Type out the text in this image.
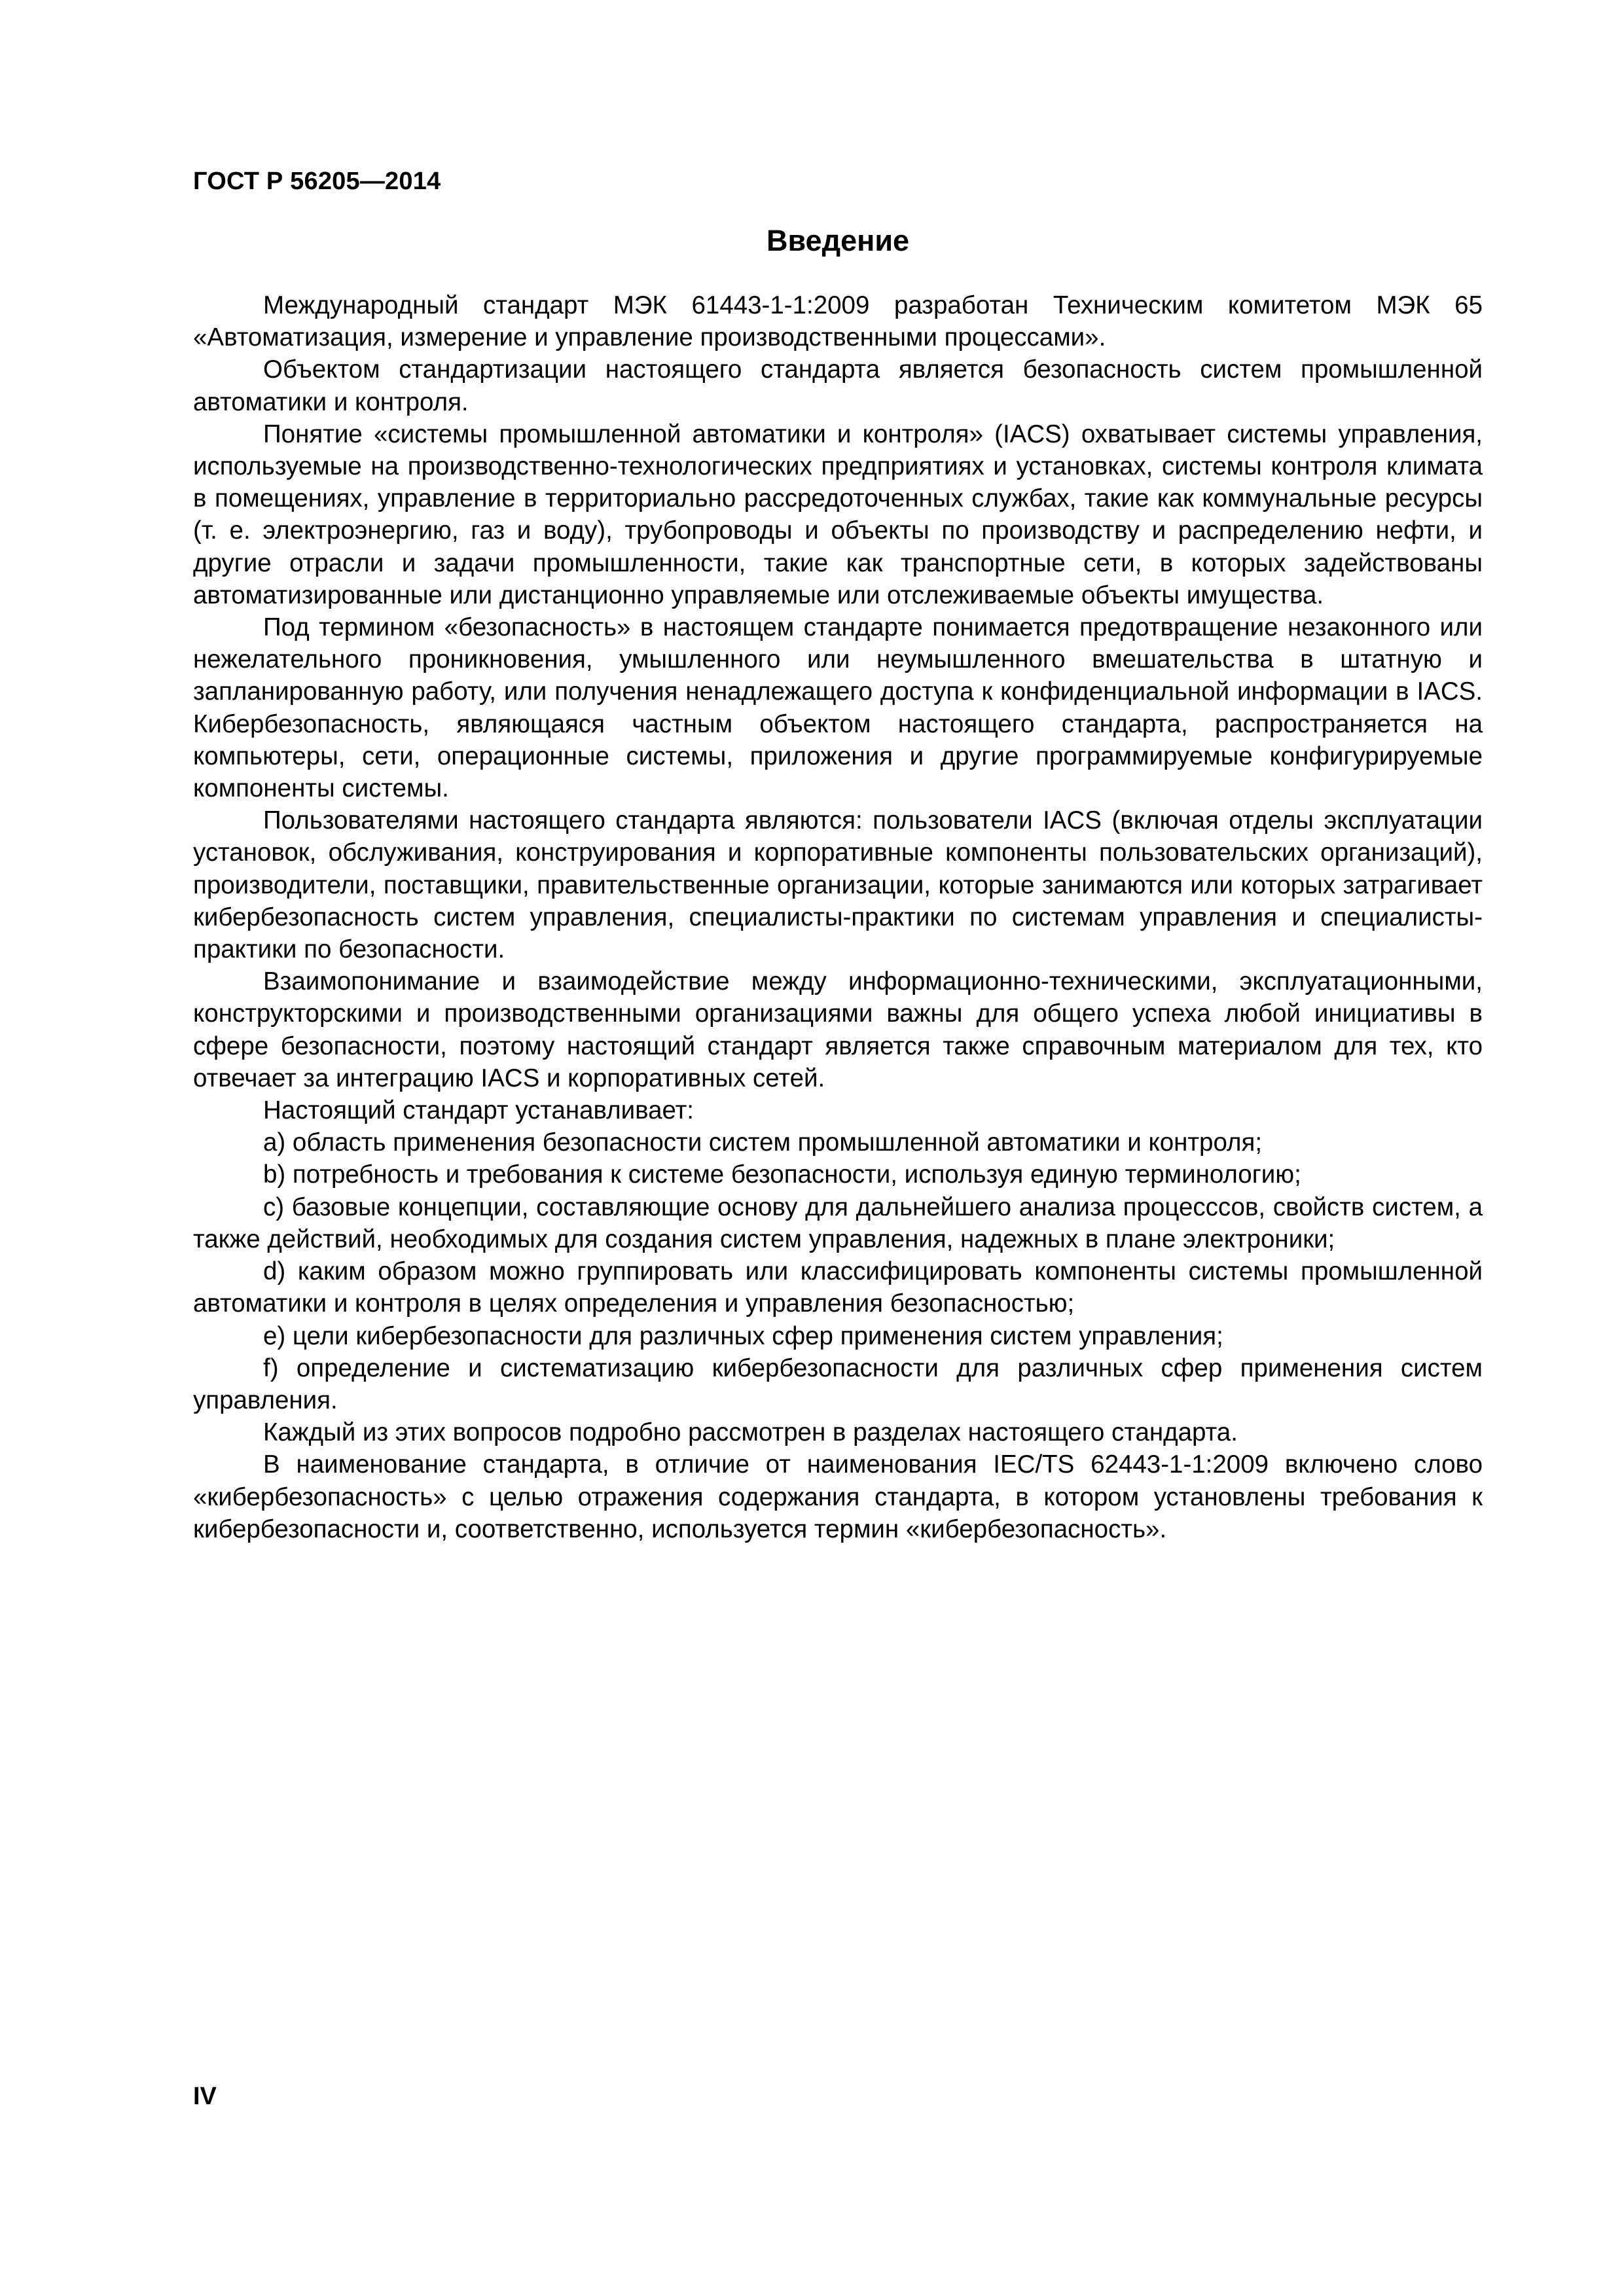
ГОСТ Р 56205—2014
Введение

Международный стандарт МЭК 61443-1-1:2009 разработан Техническим комитетом МЭК 65 «Автоматизация, измерение и управление производственными процессами».

Объектом стандартизации настоящего стандарта является безопасность систем промышленной автоматики и контроля.

Понятие «системы промышленной автоматики и контроля» (IACS) охватывает системы управления, используемые на производственно-технологических предприятиях и установках, системы контроля климата в помещениях, управление в территориально рассредоточенных службах, такие как коммунальные ресурсы (т. е. электроэнергию, газ и воду), трубопроводы и объекты по производству и распределению нефти, и другие отрасли и задачи промышленности, такие как транспортные сети, в которых задействованы автоматизированные или дистанционно управляемые или отслеживаемые объекты имущества.

Под термином «безопасность» в настоящем стандарте понимается предотвращение незаконного или нежелательного проникновения, умышленного или неумышленного вмешательства в штатную и запланированную работу, или получения ненадлежащего доступа к конфиденциальной информации в IACS. Кибербезопасность, являющаяся частным объектом настоящего стандарта, распространяется на компьютеры, сети, операционные системы, приложения и другие программируемые конфигурируемые компоненты системы.

Пользователями настоящего стандарта являются: пользователи IACS (включая отделы эксплуатации установок, обслуживания, конструирования и корпоративные компоненты пользовательских организаций), производители, поставщики, правительственные организации, которые занимаются или которых затрагивает кибербезопасность систем управления, специалисты-практики по системам управления и специалисты-практики по безопасности.

Взаимопонимание и взаимодействие между информационно-техническими, эксплуатационными, конструкторскими и производственными организациями важны для общего успеха любой инициативы в сфере безопасности, поэтому настоящий стандарт является также справочным материалом для тех, кто отвечает за интеграцию IACS и корпоративных сетей.

Настоящий стандарт устанавливает:

а) область применения безопасности систем промышленной автоматики и контроля;

b) потребность и требования к системе безопасности, используя единую терминологию;

с) базовые концепции, составляющие основу для дальнейшего анализа процесссов, свойств систем, а также действий, необходимых для создания систем управления, надежных в плане электроники;

d) каким образом можно группировать или классифицировать компоненты системы промышленной автоматики и контроля в целях определения и управления безопасностью;

е) цели кибербезопасности для различных сфер применения систем управления;

f) определение и систематизацию кибербезопасности для различных сфер применения систем управления.

Каждый из этих вопросов подробно рассмотрен в разделах настоящего стандарта.

В наименование стандарта, в отличие от наименования IEC/TS 62443-1-1:2009 включено слово «кибербезопасность» с целью отражения содержания стандарта, в котором установлены требования к кибербезопасности и, соответственно, используется термин «кибербезопасность».

IV
